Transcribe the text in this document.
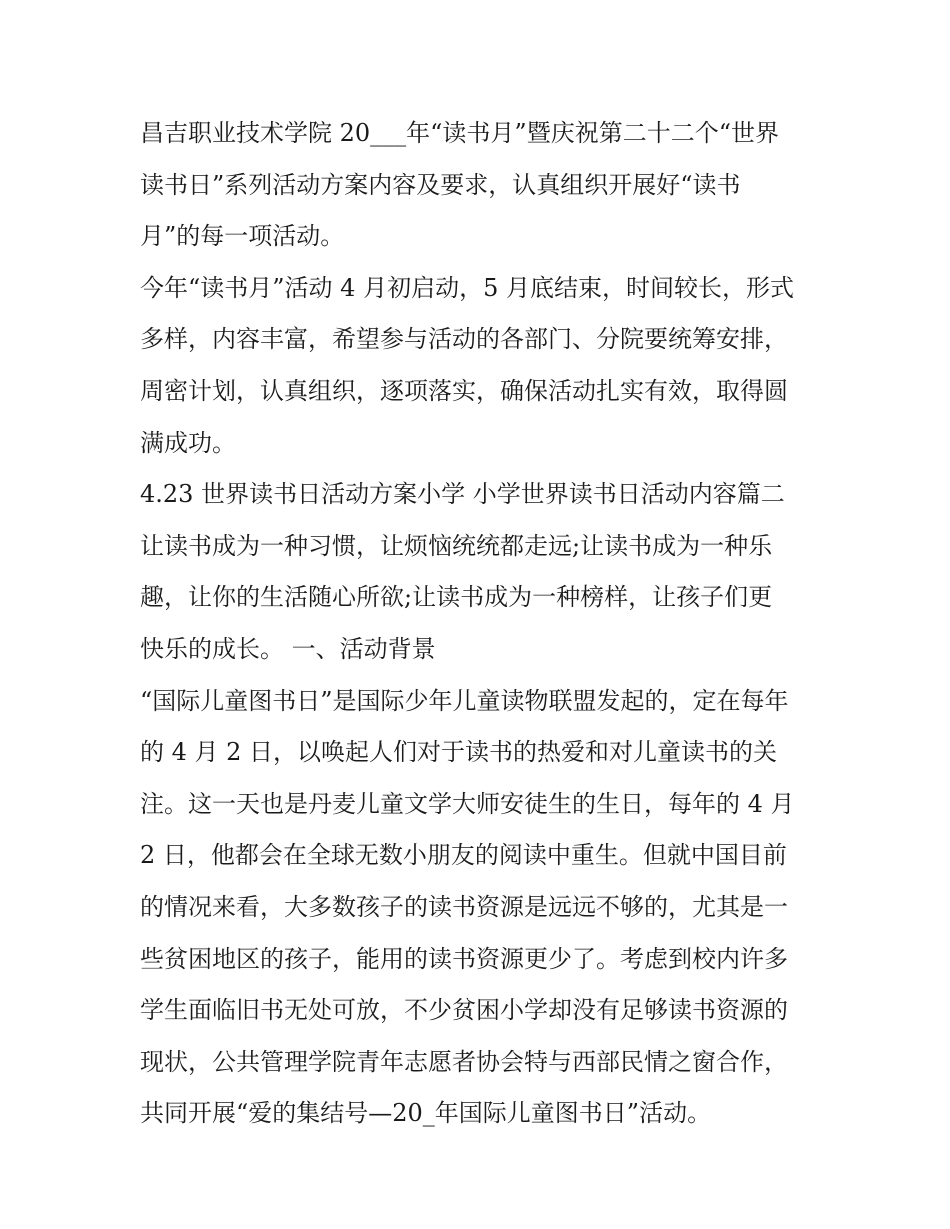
昌吉职业技术学院 20___年“读书月”暨庆祝第二十二个“世界
读书日”系列活动方案内容及要求，认真组织开展好“读书
月”的每一项活动。
今年“读书月”活动 4 月初启动，5 月底结束，时间较长，形式
多样，内容丰富，希望参与活动的各部门、分院要统筹安排，
周密计划，认真组织，逐项落实，确保活动扎实有效，取得圆
满成功。
4.23 世界读书日活动方案小学 小学世界读书日活动内容篇二
让读书成为一种习惯，让烦恼统统都走远;让读书成为一种乐
趣，让你的生活随心所欲;让读书成为一种榜样，让孩子们更
快乐的成长。 一、活动背景
“国际儿童图书日”是国际少年儿童读物联盟发起的，定在每年
的 4 月 2 日，以唤起人们对于读书的热爱和对儿童读书的关
注。这一天也是丹麦儿童文学大师安徒生的生日，每年的 4 月
2 日，他都会在全球无数小朋友的阅读中重生。但就中国目前
的情况来看，大多数孩子的读书资源是远远不够的，尤其是一
些贫困地区的孩子，能用的读书资源更少了。考虑到校内许多
学生面临旧书无处可放，不少贫困小学却没有足够读书资源的
现状，公共管理学院青年志愿者协会特与西部民情之窗合作，
共同开展“爱的集结号—20_年国际儿童图书日”活动。
